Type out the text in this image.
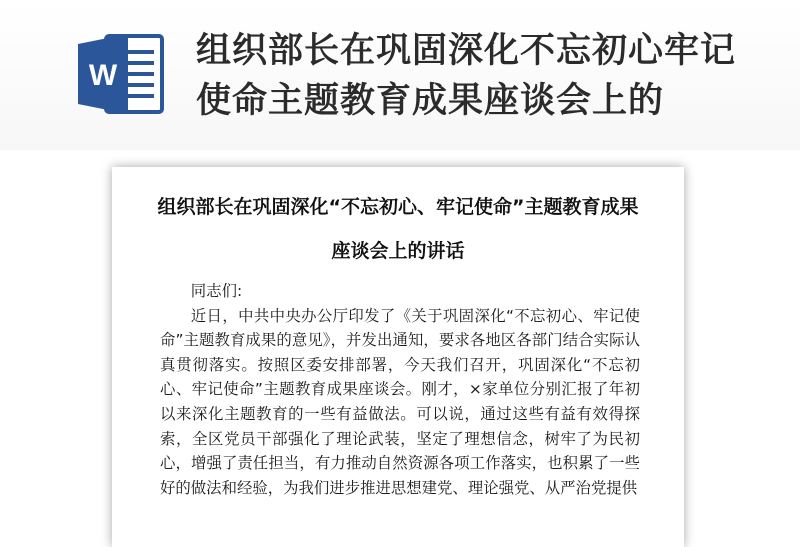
W
组织部长在巩固深化不忘初心牢记使命主题教育成果座谈会上的
组织部长在巩固深化“不忘初心、牢记使命”主题教育成果座谈会上的讲话

同志们:

近日，中共中央办公厅印发了《关于巩固深化“不忘初心、牢记使命”主题教育成果的意见》，并发出通知，要求各地区各部门结合实际认真贯彻落实。按照区委安排部署，今天我们召开，巩固深化“不忘初心、牢记使命”主题教育成果座谈会。刚才，×家单位分别汇报了年初以来深化主题教育的一些有益做法。可以说，通过这些有益有效得探索，全区党员干部强化了理论武装，坚定了理想信念，树牢了为民初心，增强了责任担当，有力推动自然资源各项工作落实，也积累了一些好的做法和经验，为我们进步推进思想建党、理论强党、从严治党提供
